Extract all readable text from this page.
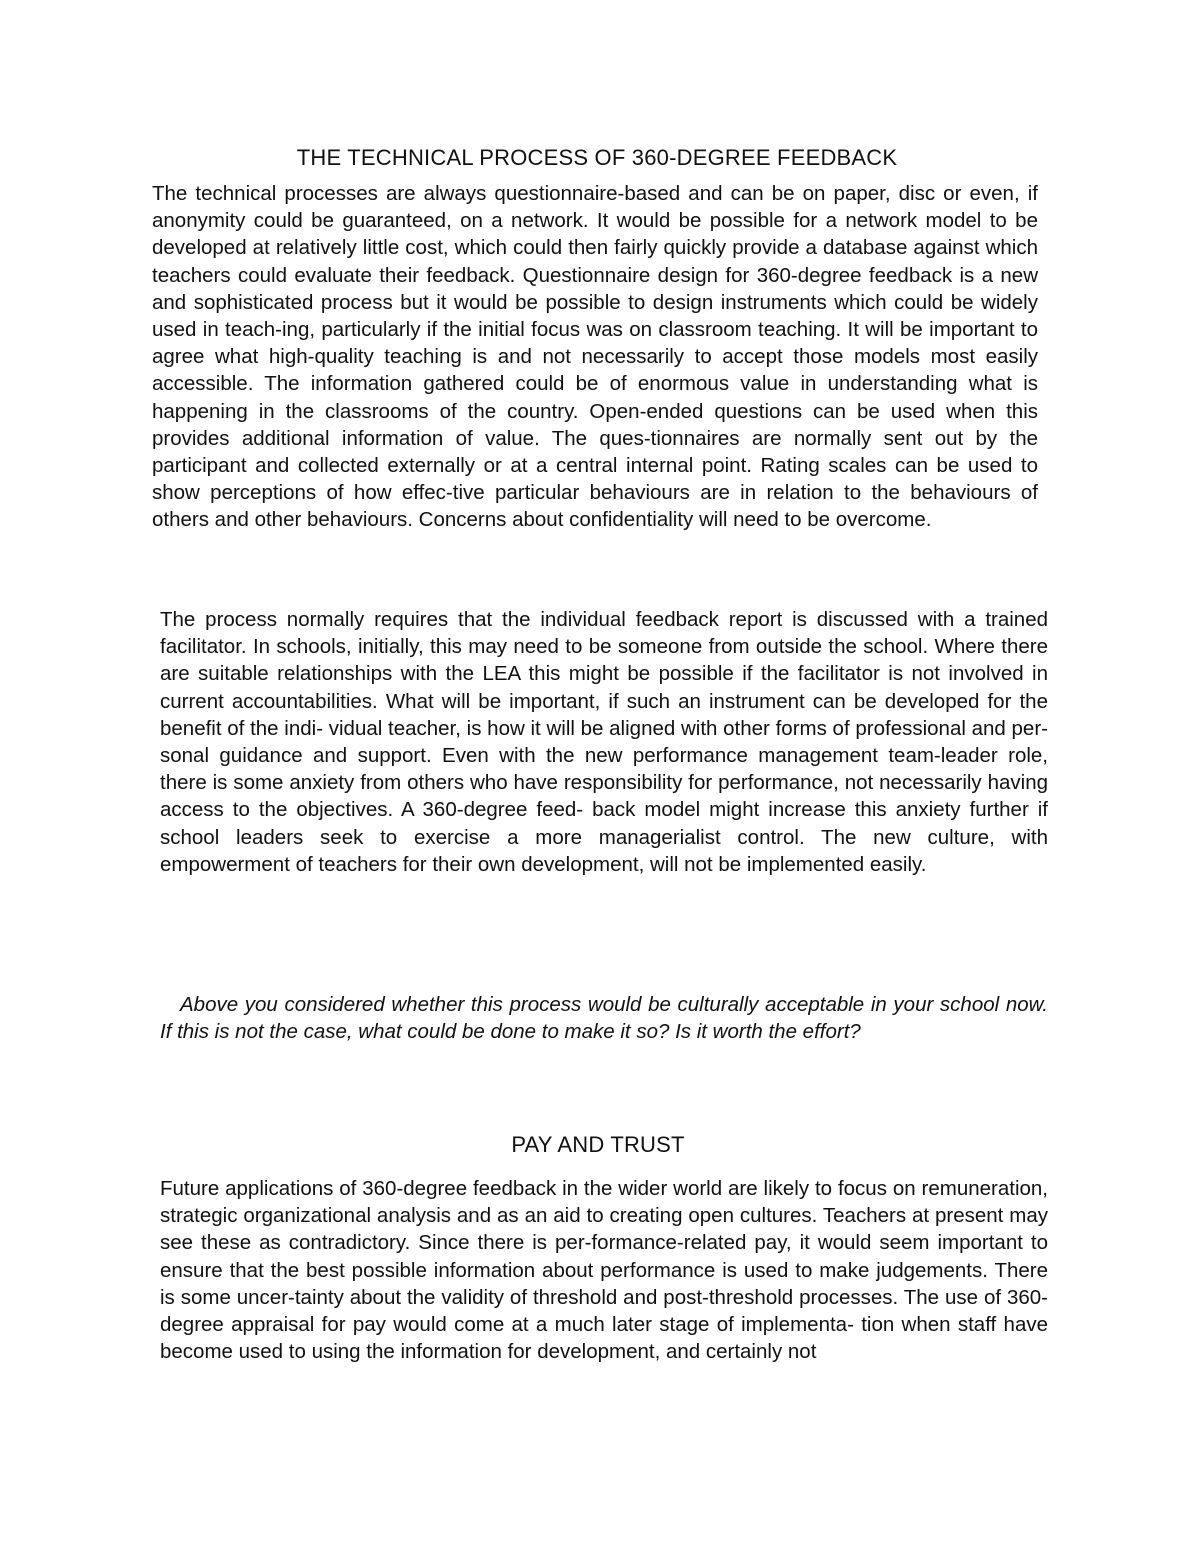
THE TECHNICAL PROCESS OF 360-DEGREE FEEDBACK

The technical processes are always questionnaire-based and can be on paper, disc or even, if anonymity could be guaranteed, on a network. It would be possible for a network model to be developed at relatively little cost, which could then fairly quickly provide a database against which teachers could evaluate their feedback. Questionnaire design for 360-degree feedback is a new and sophisticated process but it would be possible to design instruments which could be widely used in teach-ing, particularly if the initial focus was on classroom teaching. It will be important to agree what high-quality teaching is and not necessarily to accept those models most easily accessible. The information gathered could be of enormous value in understanding what is happening in the classrooms of the country. Open-ended questions can be used when this provides additional information of value. The ques-tionnaires are normally sent out by the participant and collected externally or at a central internal point. Rating scales can be used to show perceptions of how effec-tive particular behaviours are in relation to the behaviours of others and other behaviours. Concerns about confidentiality will need to be overcome.

The process normally requires that the individual feedback report is discussed with a trained facilitator. In schools, initially, this may need to be someone from outside the school. Where there are suitable relationships with the LEA this might be possible if the facilitator is not involved in current accountabilities. What will be important, if such an instrument can be developed for the benefit of the indi- vidual teacher, is how it will be aligned with other forms of professional and per- sonal guidance and support. Even with the new performance management team-leader role, there is some anxiety from others who have responsibility for performance, not necessarily having access to the objectives. A 360-degree feed- back model might increase this anxiety further if school leaders seek to exercise a more managerialist control. The new culture, with empowerment of teachers for their own development, will not be implemented easily.

Above you considered whether this process would be culturally acceptable in your school now. If this is not the case, what could be done to make it so? Is it worth the effort?

PAY AND TRUST

Future applications of 360-degree feedback in the wider world are likely to focus on remuneration, strategic organizational analysis and as an aid to creating open cultures. Teachers at present may see these as contradictory. Since there is per-formance-related pay, it would seem important to ensure that the best possible information about performance is used to make judgements. There is some uncer-tainty about the validity of threshold and post-threshold processes. The use of 360-degree appraisal for pay would come at a much later stage of implementa- tion when staff have become used to using the information for development, and certainly not
